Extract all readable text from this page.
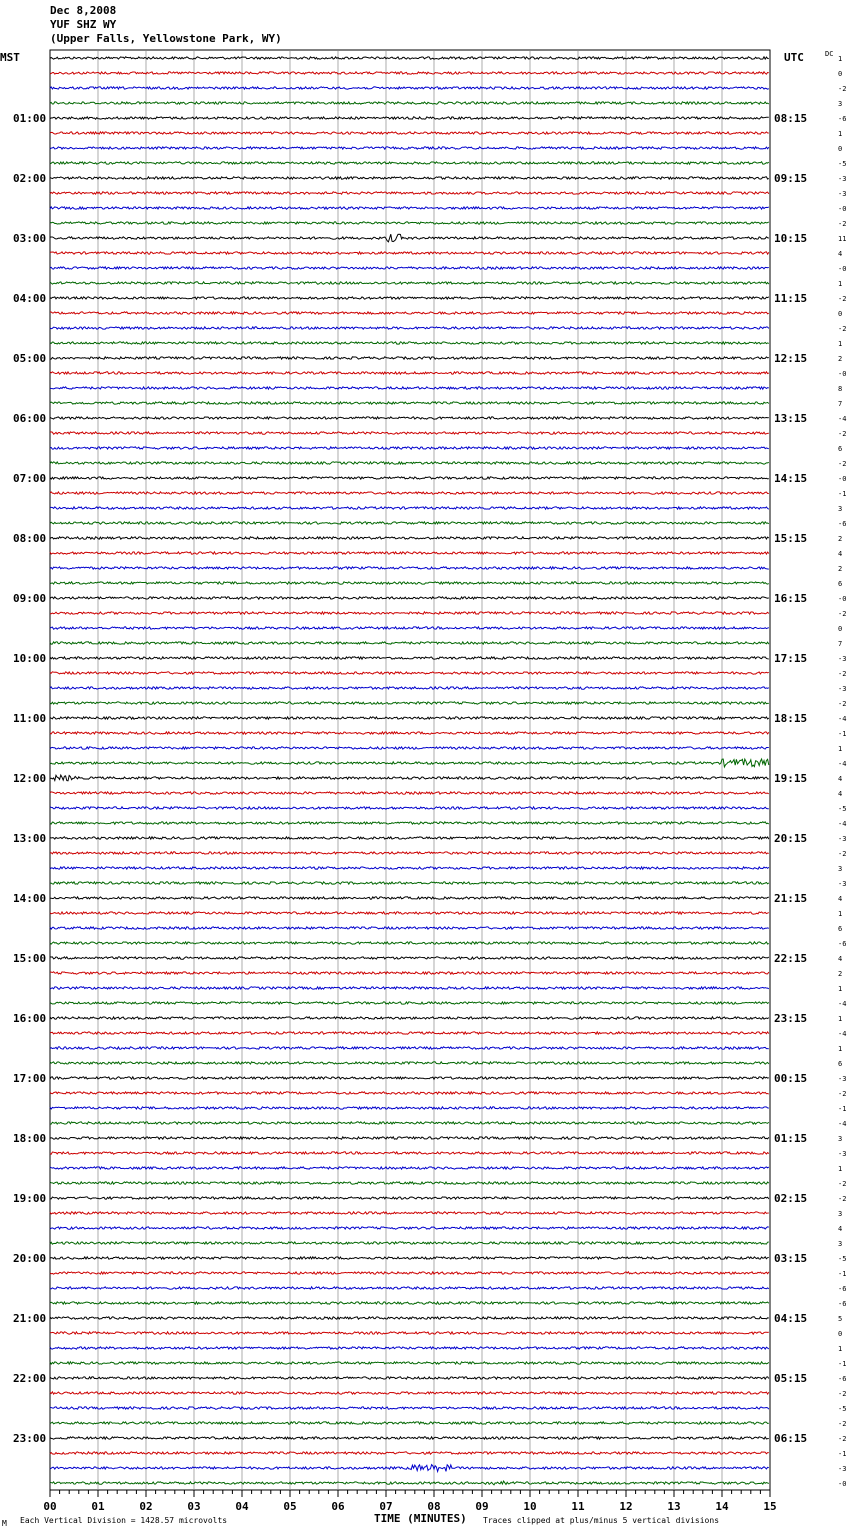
Dec 8,2008
YUF SHZ WY
(Upper Falls, Yellowstone Park, WY)
MST	UTC	DC
TIME (MINUTES)
1
0
-2
3
-6
1
0
-5
-3
-3
-0
-2
11
4
-0
1
-2
0
-2
1
2
-0
8
7
-4
-2
6
-2
-0
-1
3
-6
2
4
2
6
-0
-2
0
7
-3
-2
-3
-2
-4
-1
1
-4
4
4
-5
-4
-3
-2
3
-3
4
1
6
-6
4
2
1
-4
1
-4
1
6
-3
-2
-1
-4
3
-3
1
-2
-2
3
4
3
-5
-1
-6
-6
5
0
1
-1
-6
-2
-5
-2
-2
-1
-3
-0
01:00	08:15
02:00	09:15
03:00	10:15
04:00	11:15
05:00	12:15
06:00	13:15
07:00	14:15
08:00	15:15
09:00	16:15
10:00	17:15
11:00	18:15
12:00	19:15
13:00	20:15
14:00	21:15
15:00	22:15
16:00	23:15
17:00	00:15
18:00	01:15
19:00	02:15
20:00	03:15
21:00	04:15
22:00	05:15
23:00	06:15
00	01	02	03	04	05	06	07	08	09	10	11	12	13	14	15
M Each Vertical Division = 1428.57 microvolts	Traces clipped at plus/minus 5 vertical divisions
